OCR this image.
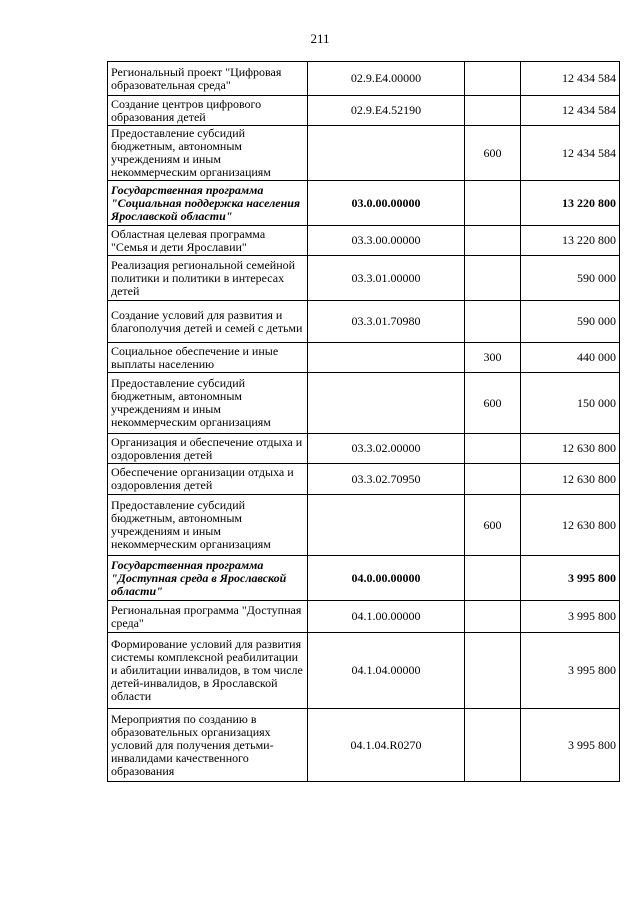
211
Региональный проект "Цифровая образовательная среда"	02.9.E4.00000		12 434 584
Создание центров цифрового образования детей	02.9.E4.52190		12 434 584
Предоставление субсидий бюджетным, автономным учреждениям и иным некоммерческим организациям		600	12 434 584
Государственная программа "Социальная поддержка населения Ярославской области"	03.0.00.00000		13 220 800
Областная целевая программа "Семья и дети Ярославии"	03.3.00.00000		13 220 800
Реализация региональной семейной политики и политики в интересах детей	03.3.01.00000		590 000
Создание условий для развития и благополучия детей и семей с детьми	03.3.01.70980		590 000
Социальное обеспечение и иные выплаты населению		300	440 000
Предоставление субсидий бюджетным, автономным учреждениям и иным некоммерческим организациям		600	150 000
Организация и обеспечение отдыха и оздоровления детей	03.3.02.00000		12 630 800
Обеспечение организации отдыха и оздоровления детей	03.3.02.70950		12 630 800
Предоставление субсидий бюджетным, автономным учреждениям и иным некоммерческим организациям		600	12 630 800
Государственная программа "Доступная среда в Ярославской области"	04.0.00.00000		3 995 800
Региональная программа "Доступная среда"	04.1.00.00000		3 995 800
Формирование условий для развития системы комплексной реабилитации и абилитации инвалидов, в том числе детей-инвалидов, в Ярославской области	04.1.04.00000		3 995 800
Мероприятия по созданию в образовательных организациях условий для получения детьми-инвалидами качественного образования	04.1.04.R0270		3 995 800
